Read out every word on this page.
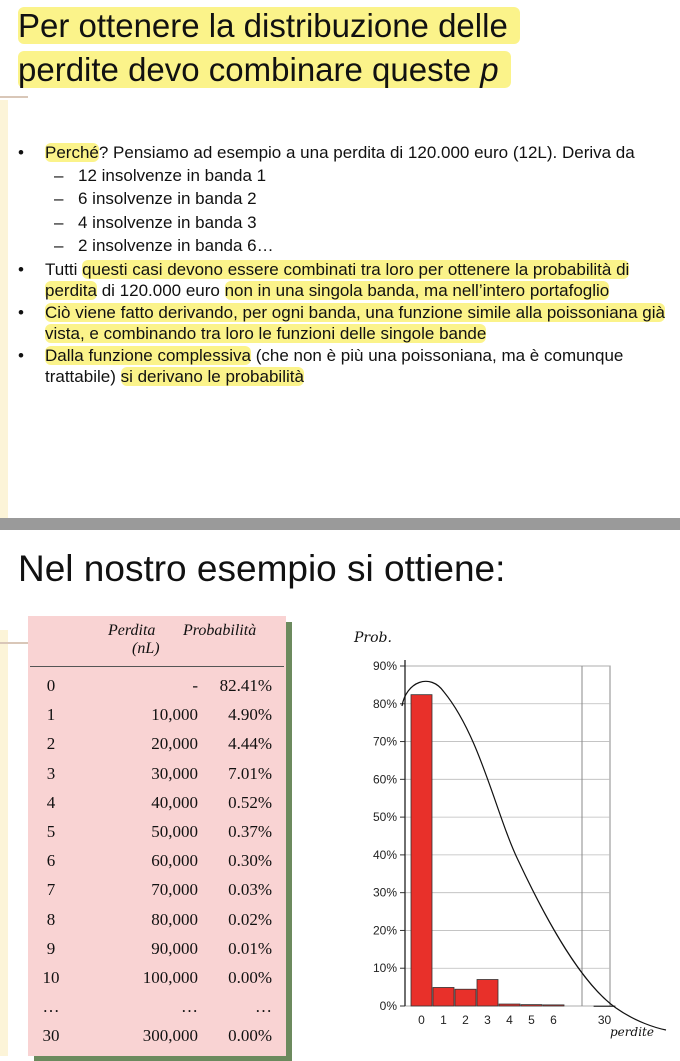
Per ottenere la distribuzione delle
perdite devo combinare queste p
• Perché? Pensiamo ad esempio a una perdita di 120.000 euro (12L). Deriva da
– 12 insolvenze in banda 1
– 6 insolvenze in banda 2
– 4 insolvenze in banda 3
– 2 insolvenze in banda 6…
• Tutti questi casi devono essere combinati tra loro per ottenere la probabilità di perdita di 120.000 euro non in una singola banda, ma nell’intero portafoglio
• Ciò viene fatto derivando, per ogni banda, una funzione simile alla poissoniana già vista, e combinando tra loro le funzioni delle singole bande
• Dalla funzione complessiva (che non è più una poissoniana, ma è comunque trattabile) si derivano le probabilità
Nel nostro esempio si ottiene:
Perdita
(nL)
Probabilità
0	-	82.41%
1	10,000	4.90%
2	20,000	4.44%
3	30,000	7.01%
4	40,000	0.52%
5	50,000	0.37%
6	60,000	0.30%
7	70,000	0.03%
8	80,000	0.02%
9	90,000	0.01%
10	100,000	0.00%
…	…	…
30	300,000	0.00%
0%
10%
20%
30%
40%
50%
60%
70%
80%
90%
0 1 2 3 4 5 6	30
Prob.
perdite
